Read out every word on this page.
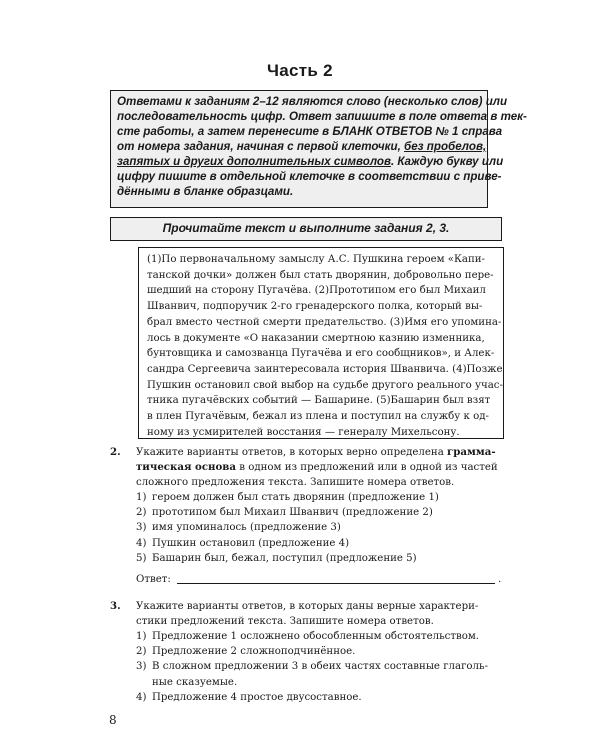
Часть 2
Ответами к заданиям 2–12 являются слово (несколько слов) или
последовательность цифр. Ответ запишите в поле ответа в тек-
сте работы, а затем перенесите в БЛАНК ОТВЕТОВ № 1 справа
от номера задания, начиная с первой клеточки, без пробелов,
запятых и других дополнительных символов. Каждую букву или
цифру пишите в отдельной клеточке в соответствии с приве-
дёнными в бланке образцами.
Прочитайте текст и выполните задания 2, 3.
(1)По первоначальному замыслу А.С. Пушкина героем «Капи-
танской дочки» должен был стать дворянин, добровольно пере-
шедший на сторону Пугачёва. (2)Прототипом его был Михаил
Шванвич, подпоручик 2-го гренадерского полка, который вы-
брал вместо честной смерти предательство. (3)Имя его упомина-
лось в документе «О наказании смертною казнию изменника,
бунтовщика и самозванца Пугачёва и его сообщников», и Алек-
сандра Сергеевича заинтересовала история Шванвича. (4)Позже
Пушкин остановил свой выбор на судьбе другого реального учас-
тника пугачёвских событий — Башарине. (5)Башарин был взят
в плен Пугачёвым, бежал из плена и поступил на службу к од-
ному из усмирителей восстания — генералу Михельсону.
2. Укажите варианты ответов, в которых верно определена грамма-
тическая основа в одном из предложений или в одной из частей
сложного предложения текста. Запишите номера ответов.
1) героем должен был стать дворянин (предложение 1)
2) прототипом был Михаил Шванвич (предложение 2)
3) имя упоминалось (предложение 3)
4) Пушкин остановил (предложение 4)
5) Башарин был, бежал, поступил (предложение 5)
Ответ:	.
3. Укажите варианты ответов, в которых даны верные характери-
стики предложений текста. Запишите номера ответов.
1) Предложение 1 осложнено обособленным обстоятельством.
2) Предложение 2 сложноподчинённое.
3) В сложном предложении 3 в обеих частях составные глаголь-
ные сказуемые.
4) Предложение 4 простое двусоставное.
8
